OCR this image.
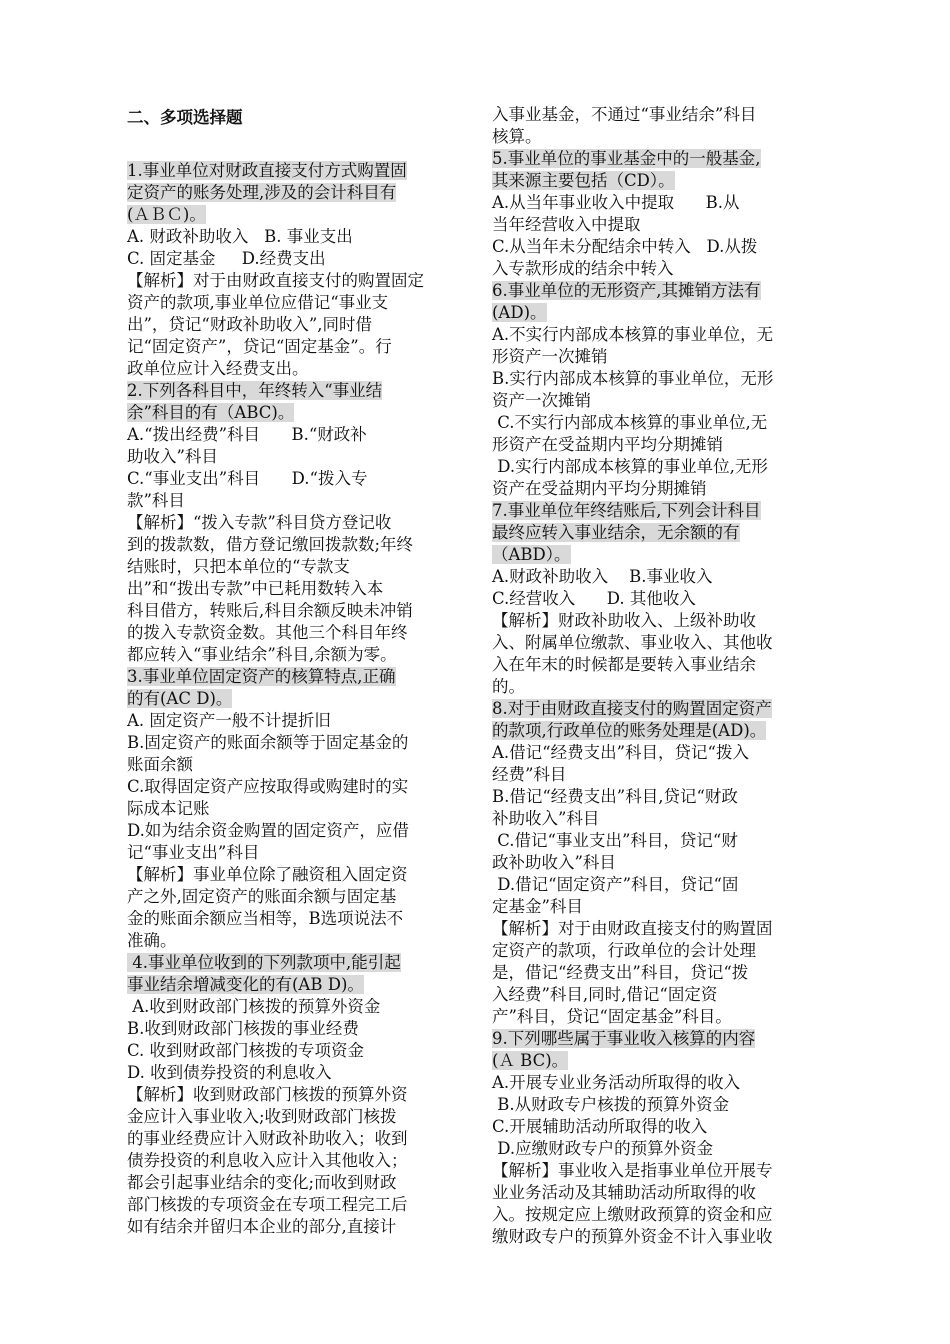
二、多项选择题
1.事业单位对财政直接支付方式购置固
定资产的账务处理,涉及的会计科目有
(ＡＢＣ)。
A. 财政补助收入   B. 事业支出
C. 固定基金     D.经费支出
【解析】对于由财政直接支付的购置固定
资产的款项,事业单位应借记“事业支
出”，贷记“财政补助收入”,同时借
记“固定资产”，贷记“固定基金”。行
政单位应计入经费支出。
2.下列各科目中，年终转入“事业结
余”科目的有（ABC)。
A.“拨出经费”科目      B.“财政补
助收入”科目
C.“事业支出”科目      D.“拨入专
款”科目
【解析】“拨入专款”科目贷方登记收
到的拨款数，借方登记缴回拨款数;年终
结账时，只把本单位的“专款支
出”和“拨出专款”中已耗用数转入本
科目借方，转账后,科目余额反映未冲销
的拨入专款资金数。其他三个科目年终
都应转入“事业结余”科目,余额为零。
3.事业单位固定资产的核算特点,正确
的有(AC D)。
A. 固定资产一般不计提折旧
B.固定资产的账面余额等于固定基金的
账面余额
C.取得固定资产应按取得或购建时的实
际成本记账
D.如为结余资金购置的固定资产，应借
记“事业支出”科目
【解析】事业单位除了融资租入固定资
产之外,固定资产的账面余额与固定基
金的账面余额应当相等，B选项说法不
准确。
4.事业单位收到的下列款项中,能引起
事业结余增减变化的有(AB D)。
A.收到财政部门核拨的预算外资金
B.收到财政部门核拨的事业经费
C. 收到财政部门核拨的专项资金
D. 收到债券投资的利息收入
【解析】收到财政部门核拨的预算外资
金应计入事业收入;收到财政部门核拨
的事业经费应计入财政补助收入；收到
债券投资的利息收入应计入其他收入；
都会引起事业结余的变化;而收到财政
部门核拨的专项资金在专项工程完工后
如有结余并留归本企业的部分,直接计
入事业基金，不通过“事业结余”科目
核算。
5.事业单位的事业基金中的一般基金,
其来源主要包括（CD）。
A.从当年事业收入中提取      B.从
当年经营收入中提取
C.从当年未分配结余中转入   D.从拨
入专款形成的结余中转入
6.事业单位的无形资产,其摊销方法有
(AD)。
A.不实行内部成本核算的事业单位，无
形资产一次摊销
B.实行内部成本核算的事业单位，无形
资产一次摊销
C.不实行内部成本核算的事业单位,无
形资产在受益期内平均分期摊销
D.实行内部成本核算的事业单位,无形
资产在受益期内平均分期摊销
7.事业单位年终结账后,下列会计科目
最终应转入事业结余，无余额的有
（ABD）。
A.财政补助收入    B.事业收入
C.经营收入      D. 其他收入
【解析】财政补助收入、上级补助收
入、附属单位缴款、事业收入、其他收
入在年末的时候都是要转入事业结余
的。
8.对于由财政直接支付的购置固定资产
的款项,行政单位的账务处理是(AD)。
A.借记“经费支出”科目，贷记“拨入
经费”科目
B.借记“经费支出”科目,贷记“财政
补助收入”科目
C.借记“事业支出”科目，贷记“财
政补助收入”科目
D.借记“固定资产”科目，贷记“固
定基金”科目
【解析】对于由财政直接支付的购置固
定资产的款项，行政单位的会计处理
是，借记“经费支出”科目，贷记“拨
入经费”科目,同时,借记“固定资
产”科目，贷记“固定基金”科目。
9.下列哪些属于事业收入核算的内容
(Ａ BC)。
A.开展专业业务活动所取得的收入
B.从财政专户核拨的预算外资金
C.开展辅助活动所取得的收入
D.应缴财政专户的预算外资金
【解析】事业收入是指事业单位开展专
业业务活动及其辅助活动所取得的收
入。按规定应上缴财政预算的资金和应
缴财政专户的预算外资金不计入事业收
